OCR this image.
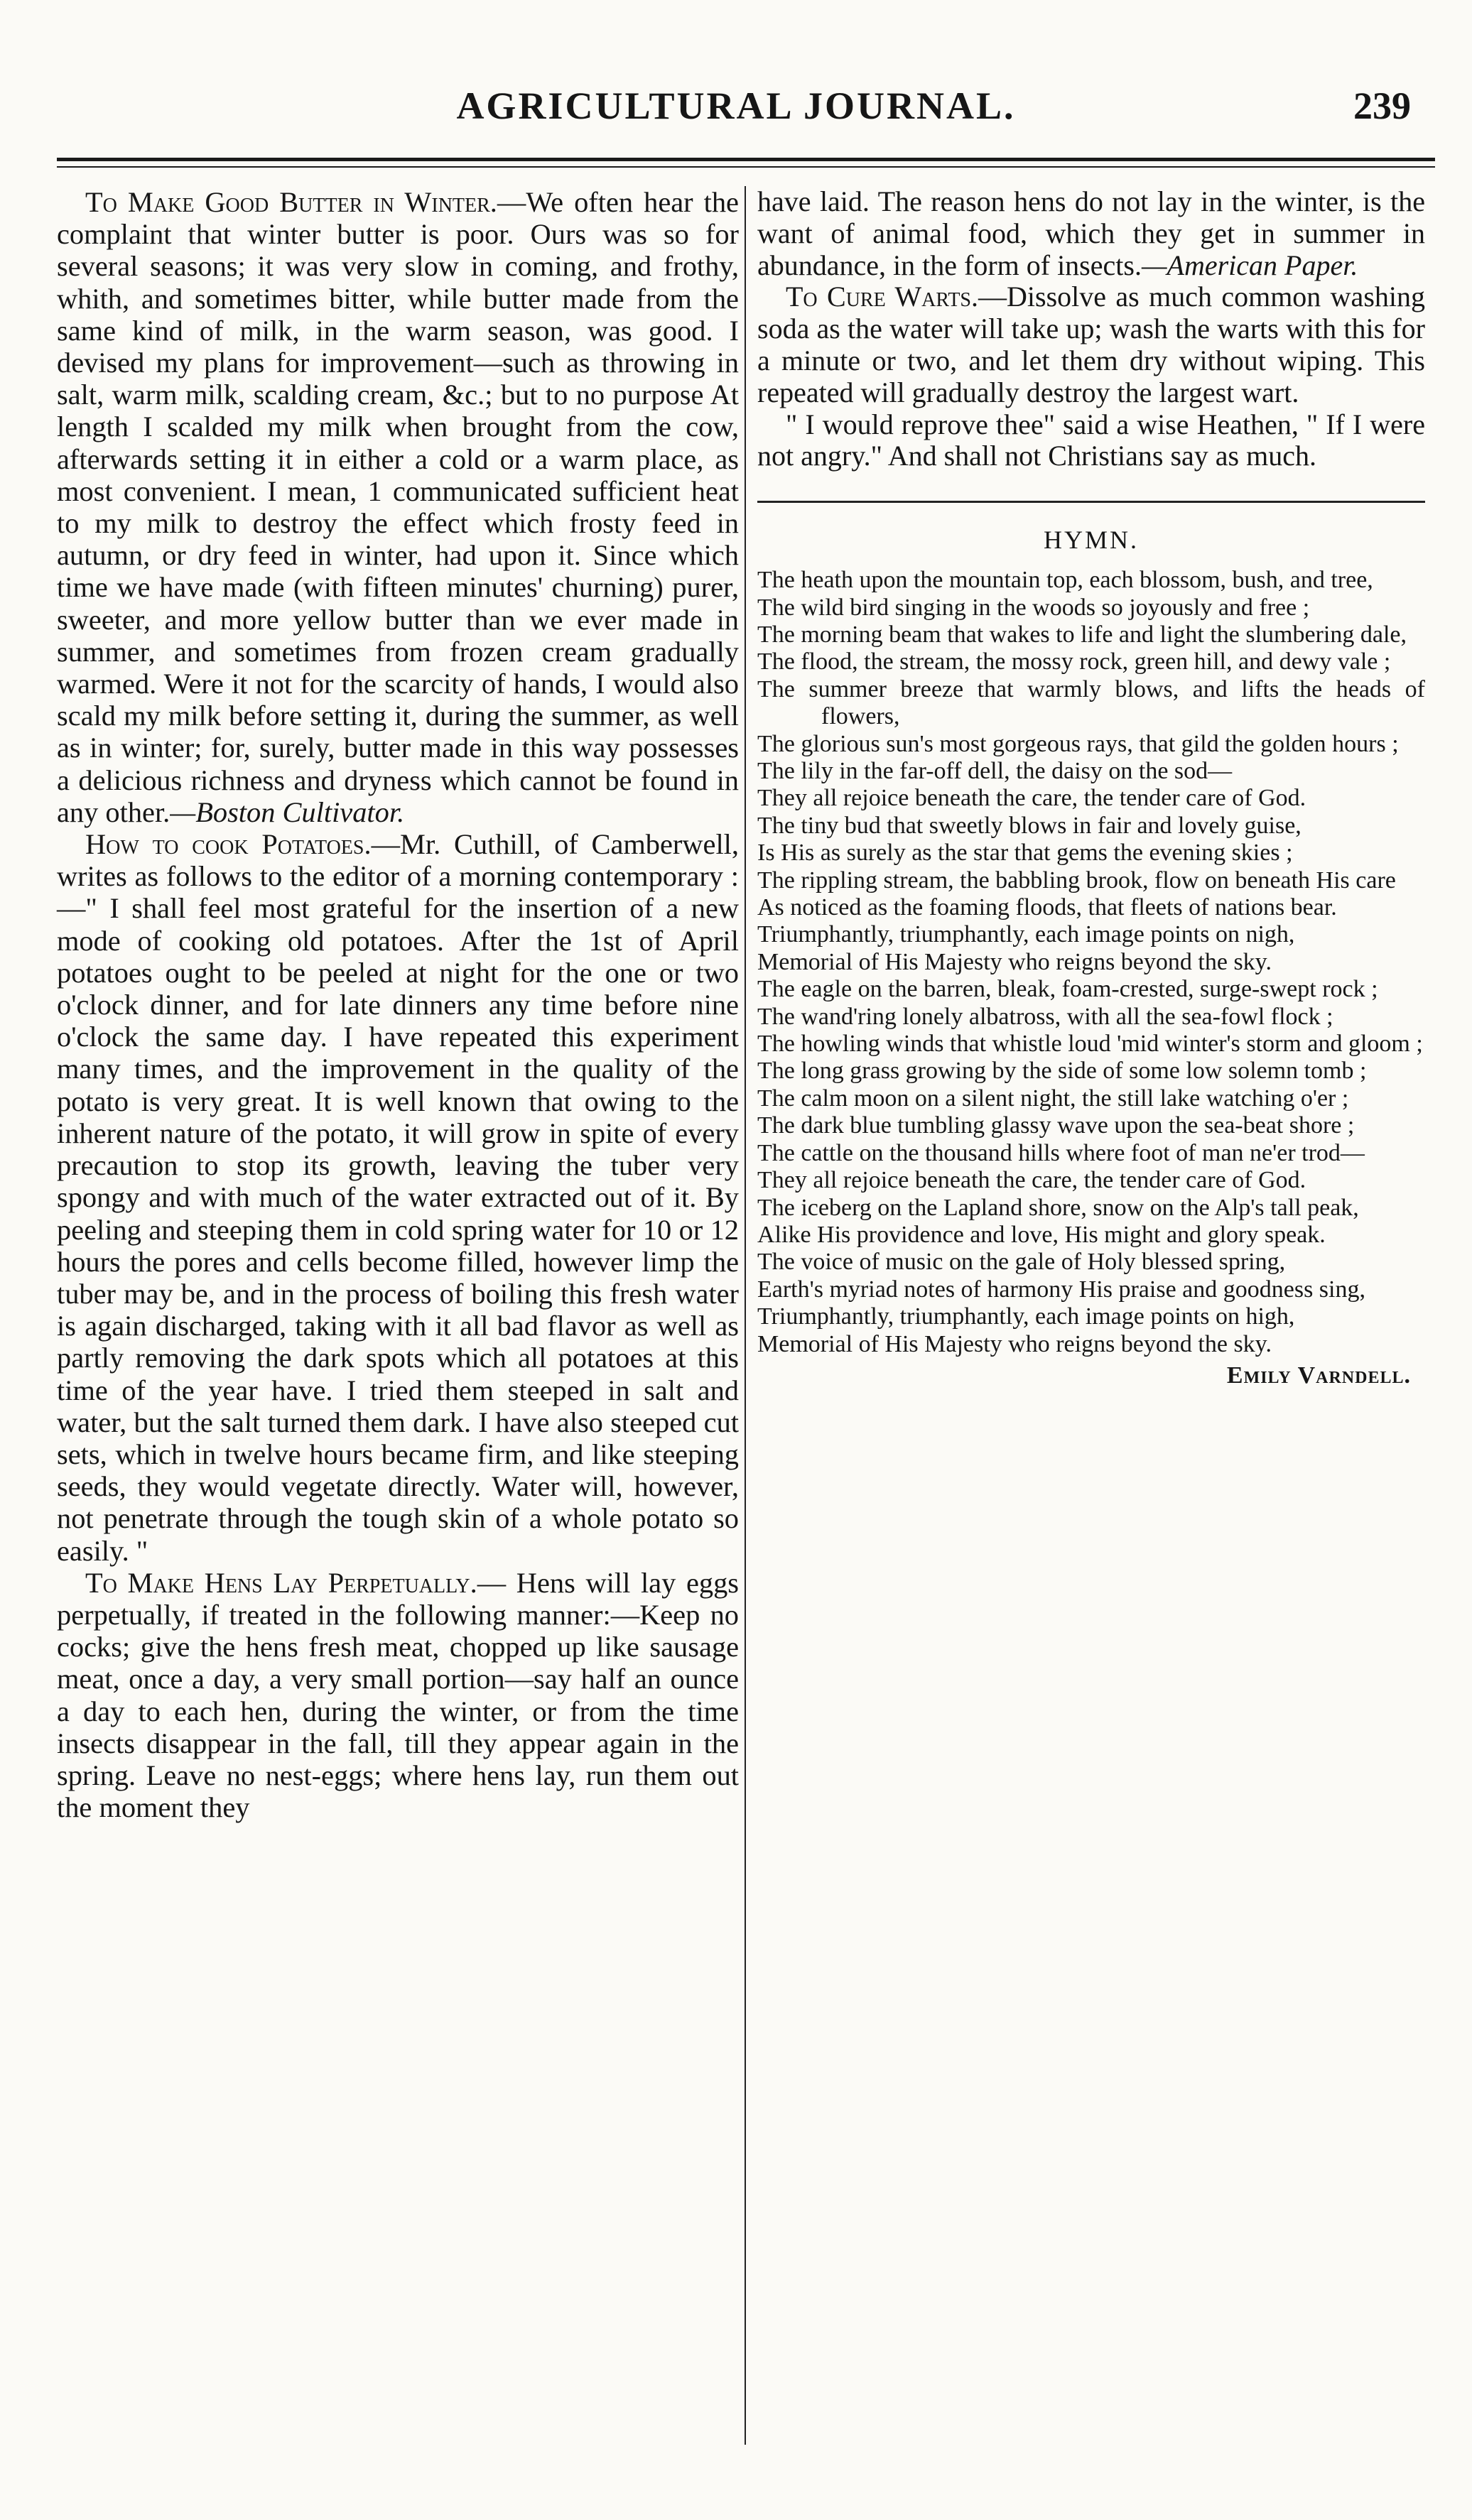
AGRICULTURAL JOURNAL.	239

To Make Good Butter in Winter.—We often hear the complaint that winter butter is poor. Ours was so for several seasons; it was very slow in coming, and frothy, whith, and sometimes bitter, while butter made from the same kind of milk, in the warm season, was good. I devised my plans for improvement—such as throwing in salt, warm milk, scalding cream, &c.; but to no purpose At length I scalded my milk when brought from the cow, afterwards setting it in either a cold or a warm place, as most convenient. I mean, 1 communicated sufficient heat to my milk to destroy the effect which frosty feed in autumn, or dry feed in winter, had upon it. Since which time we have made (with fifteen minutes' churning) purer, sweeter, and more yellow butter than we ever made in summer, and sometimes from frozen cream gradually warmed. Were it not for the scarcity of hands, I would also scald my milk before setting it, during the summer, as well as in winter; for, surely, butter made in this way possesses a delicious richness and dryness which cannot be found in any other.—Boston Cultivator.

How to cook Potatoes.—Mr. Cuthill, of Camberwell, writes as follows to the editor of a morning contemporary :—" I shall feel most grateful for the insertion of a new mode of cooking old potatoes. After the 1st of April potatoes ought to be peeled at night for the one or two o'clock dinner, and for late dinners any time before nine o'clock the same day. I have repeated this experiment many times, and the improvement in the quality of the potato is very great. It is well known that owing to the inherent nature of the potato, it will grow in spite of every precaution to stop its growth, leaving the tuber very spongy and with much of the water extracted out of it. By peeling and steeping them in cold spring water for 10 or 12 hours the pores and cells become filled, however limp the tuber may be, and in the process of boiling this fresh water is again discharged, taking with it all bad flavor as well as partly removing the dark spots which all potatoes at this time of the year have. I tried them steeped in salt and water, but the salt turned them dark. I have also steeped cut sets, which in twelve hours became firm, and like steeping seeds, they would vegetate directly. Water will, however, not penetrate through the tough skin of a whole potato so easily. "

To Make Hens Lay Perpetually.— Hens will lay eggs perpetually, if treated in the following manner:—Keep no cocks; give the hens fresh meat, chopped up like sausage meat, once a day, a very small portion—say half an ounce a day to each hen, during the winter, or from the time insects disappear in the fall, till they appear again in the spring. Leave no nest-eggs; where hens lay, run them out the moment they

have laid. The reason hens do not lay in the winter, is the want of animal food, which they get in summer in abundance, in the form of insects.—American Paper.

To Cure Warts.—Dissolve as much common washing soda as the water will take up; wash the warts with this for a minute or two, and let them dry without wiping. This repeated will gradually destroy the largest wart.

" I would reprove thee" said a wise Heathen, " If I were not angry." And shall not Christians say as much.

HYMN.
The heath upon the mountain top, each blossom, bush, and tree,
The wild bird singing in the woods so joyously and free ;
The morning beam that wakes to life and light the slumbering dale,
The flood, the stream, the mossy rock, green hill, and dewy vale ;
The summer breeze that warmly blows, and lifts the heads of flowers,
The glorious sun's most gorgeous rays, that gild the golden hours ;
The lily in the far-off dell, the daisy on the sod—
They all rejoice beneath the care, the tender care of God.
The tiny bud that sweetly blows in fair and lovely guise,
Is His as surely as the star that gems the evening skies ;
The rippling stream, the babbling brook, flow on beneath His care
As noticed as the foaming floods, that fleets of nations bear.
Triumphantly, triumphantly, each image points on nigh,
Memorial of His Majesty who reigns beyond the sky.
The eagle on the barren, bleak, foam-crested, surge-swept rock ;
The wand'ring lonely albatross, with all the sea-fowl flock ;
The howling winds that whistle loud 'mid winter's storm and gloom ;
The long grass growing by the side of some low solemn tomb ;
The calm moon on a silent night, the still lake watching o'er ;
The dark blue tumbling glassy wave upon the sea-beat shore ;
The cattle on the thousand hills where foot of man ne'er trod—
They all rejoice beneath the care, the tender care of God.
The iceberg on the Lapland shore, snow on the Alp's tall peak,
Alike His providence and love, His might and glory speak.
The voice of music on the gale of Holy blessed spring,
Earth's myriad notes of harmony His praise and goodness sing,
Triumphantly, triumphantly, each image points on high,
Memorial of His Majesty who reigns beyond the sky.
Emily Varndell.
